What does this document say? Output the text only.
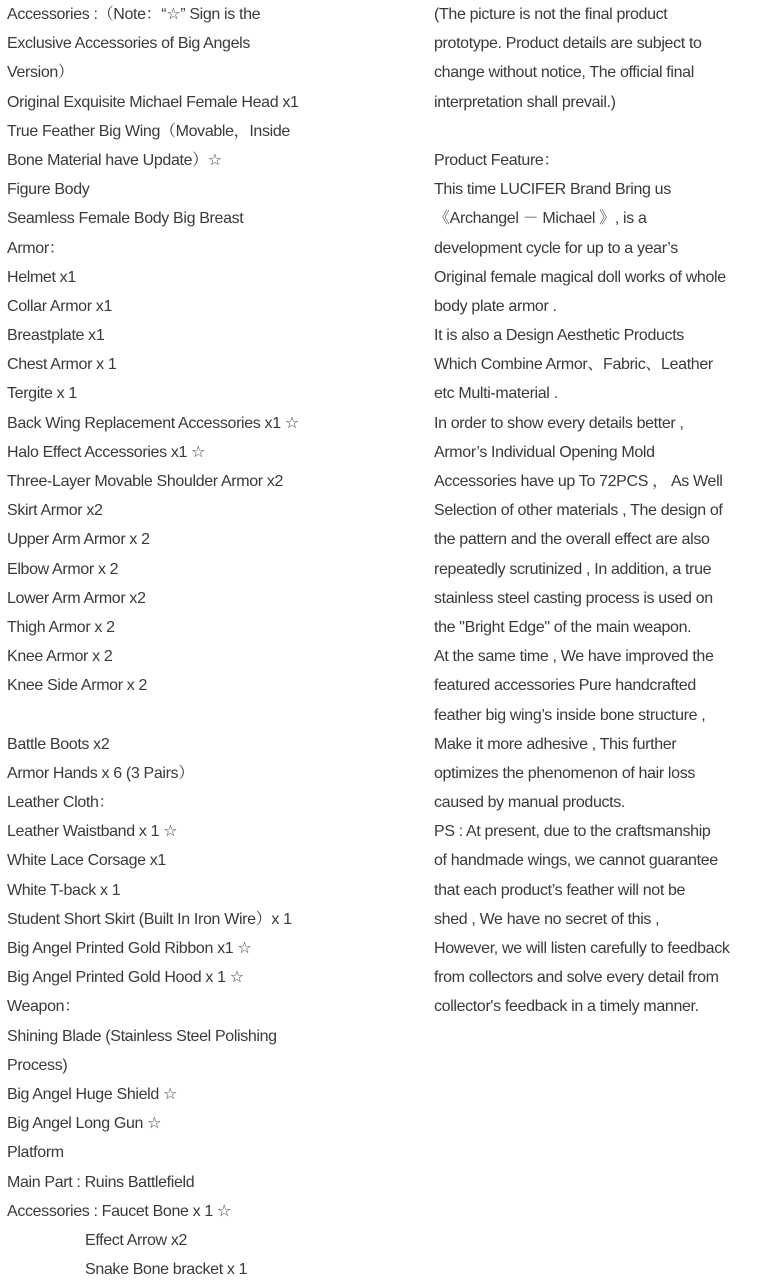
Accessories :（Note：“☆” Sign is the
Exclusive Accessories of Big Angels
Version）
Original Exquisite Michael Female Head x1
True Feather Big Wing（Movable，Inside
Bone Material have Update）☆
Figure Body
Seamless Female Body Big Breast
Armor：
Helmet x1
Collar Armor x1
Breastplate x1
Chest Armor x 1
Tergite x 1
Back Wing Replacement Accessories x1 ☆
Halo Effect Accessories x1 ☆
Three-Layer Movable Shoulder Armor x2
Skirt Armor x2
Upper Arm Armor x 2
Elbow Armor x 2
Lower Arm Armor x2
Thigh Armor x 2
Knee Armor x 2
Knee Side Armor x 2
Battle Boots x2
Armor Hands x 6 (3 Pairs）
Leather Cloth：
Leather Waistband x 1 ☆
White Lace Corsage x1
White T-back x 1
Student Short Skirt (Built In Iron Wire）x 1
Big Angel Printed Gold Ribbon x1 ☆
Big Angel Printed Gold Hood x 1 ☆
Weapon：
Shining Blade (Stainless Steel Polishing
Process)
Big Angel Huge Shield ☆
Big Angel Long Gun ☆
Platform
Main Part : Ruins Battlefield
Accessories : Faucet Bone x 1 ☆
Effect Arrow x2
Snake Bone bracket x 1
(The picture is not the final product
prototype. Product details are subject to
change without notice, The official final
interpretation shall prevail.)
Product Feature：
This time LUCIFER Brand Bring us
《Archangel － Michael 》, is a
development cycle for up to a year’s
Original female magical doll works of whole
body plate armor .
It is also a Design Aesthetic Products
Which Combine Armor、Fabric、Leather
etc Multi-material .
In order to show every details better ,
Armor’s Individual Opening Mold
Accessories have up To 72PCS ， As Well
Selection of other materials , The design of
the pattern and the overall effect are also
repeatedly scrutinized , In addition, a true
stainless steel casting process is used on
the "Bright Edge" of the main weapon.
At the same time , We have improved the
featured accessories Pure handcrafted
feather big wing’s inside bone structure ,
Make it more adhesive , This further
optimizes the phenomenon of hair loss
caused by manual products.
PS : At present, due to the craftsmanship
of handmade wings, we cannot guarantee
that each product’s feather will not be
shed , We have no secret of this ,
However, we will listen carefully to feedback
from collectors and solve every detail from
collector's feedback in a timely manner.
